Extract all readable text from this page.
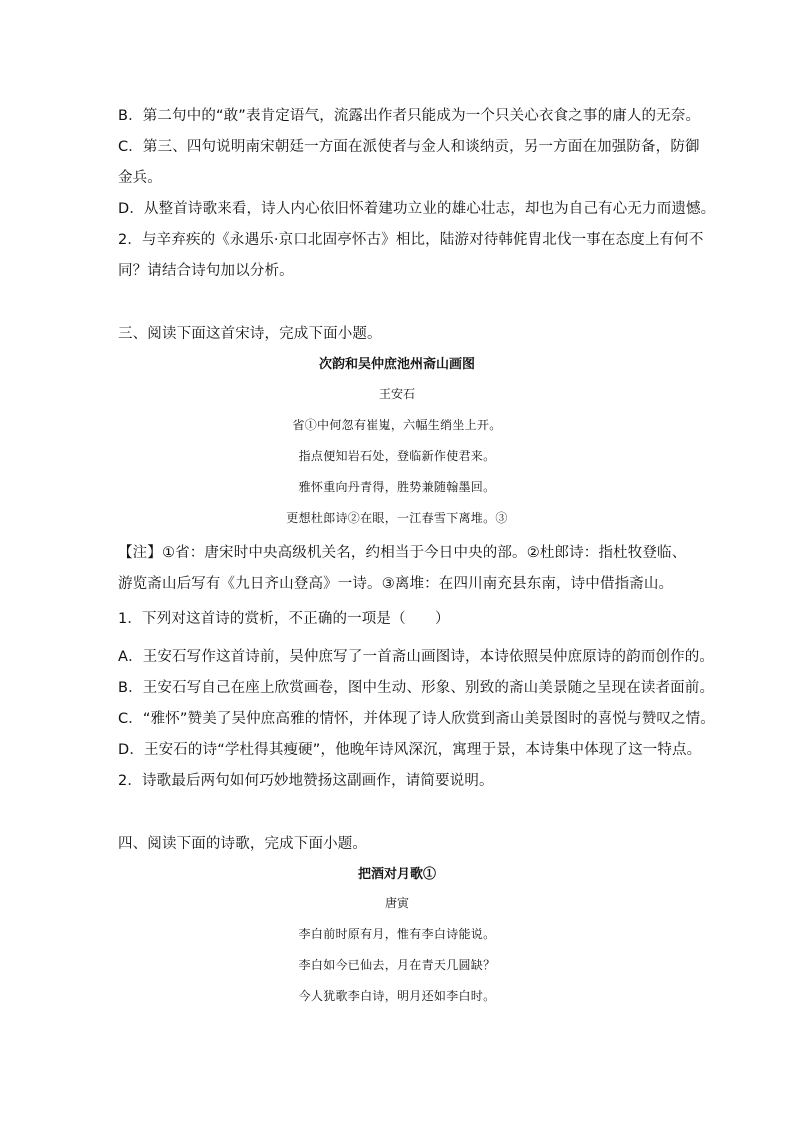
B．第二句中的“敢”表肯定语气，流露出作者只能成为一个只关心衣食之事的庸人的无奈。
C．第三、四句说明南宋朝廷一方面在派使者与金人和谈纳贡，另一方面在加强防备，防御
金兵。
D．从整首诗歌来看，诗人内心依旧怀着建功立业的雄心壮志，却也为自己有心无力而遗憾。
2．与辛弃疾的《永遇乐·京口北固亭怀古》相比，陆游对待韩侂胄北伐一事在态度上有何不
同？请结合诗句加以分析。
三、阅读下面这首宋诗，完成下面小题。
次韵和吴仲庶池州斋山画图
王安石
省①中何忽有崔嵬，六幅生绡坐上开。
指点便知岩石处，登临新作使君来。
雅怀重向丹青得，胜势兼随翰墨回。
更想杜郎诗②在眼，一江春雪下离堆。③
【注】①省：唐宋时中央高级机关名，约相当于今日中央的部。②杜郎诗：指杜牧登临、
游览斋山后写有《九日齐山登高》一诗。③离堆：在四川南充县东南，诗中借指斋山。
1．下列对这首诗的赏析，不正确的一项是（　　）
A．王安石写作这首诗前，吴仲庶写了一首斋山画图诗，本诗依照吴仲庶原诗的韵而创作的。
B．王安石写自己在座上欣赏画卷，图中生动、形象、别致的斋山美景随之呈现在读者面前。
C．“雅怀”赞美了吴仲庶高雅的情怀，并体现了诗人欣赏到斋山美景图时的喜悦与赞叹之情。
D．王安石的诗“学杜得其瘦硬”，他晚年诗风深沉，寓理于景，本诗集中体现了这一特点。
2．诗歌最后两句如何巧妙地赞扬这副画作，请简要说明。
四、阅读下面的诗歌，完成下面小题。
把酒对月歌①
唐寅
李白前时原有月，惟有李白诗能说。
李白如今已仙去，月在青天几圆缺？
今人犹歌李白诗，明月还如李白时。
